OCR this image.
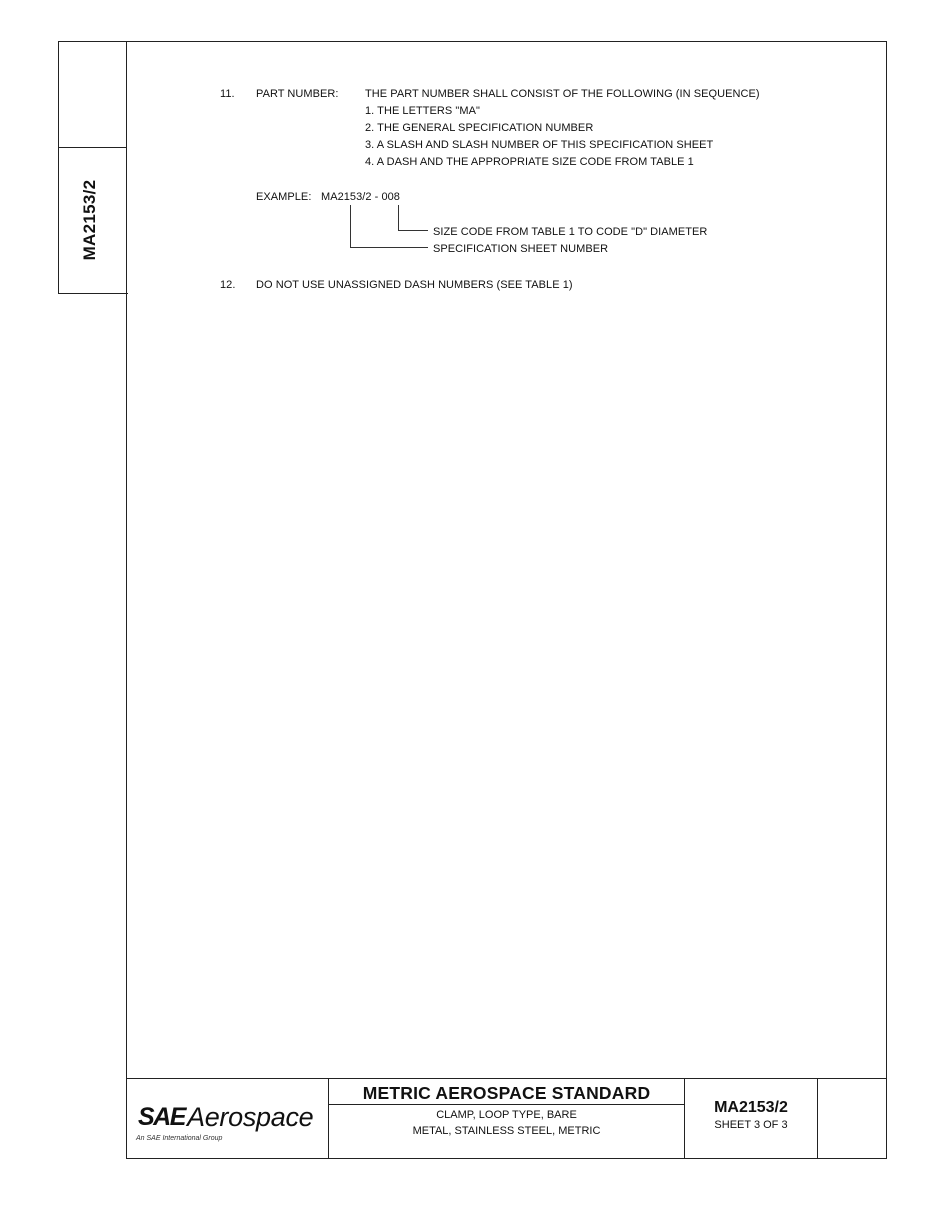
MA2153/2
11. PART NUMBER: THE PART NUMBER SHALL CONSIST OF THE FOLLOWING (IN SEQUENCE)
1. THE LETTERS "MA"
2. THE GENERAL SPECIFICATION NUMBER
3. A SLASH AND SLASH NUMBER OF THIS SPECIFICATION SHEET
4. A DASH AND THE APPROPRIATE SIZE CODE FROM TABLE 1
EXAMPLE: MA2153/2 - 008
SIZE CODE FROM TABLE 1 TO CODE "D" DIAMETER
SPECIFICATION SHEET NUMBER
12. DO NOT USE UNASSIGNED DASH NUMBERS (SEE TABLE 1)
SAE Aerospace
An SAE International Group
METRIC AEROSPACE STANDARD
CLAMP, LOOP TYPE, BARE
METAL, STAINLESS STEEL, METRIC
MA2153/2
SHEET 3 OF 3
